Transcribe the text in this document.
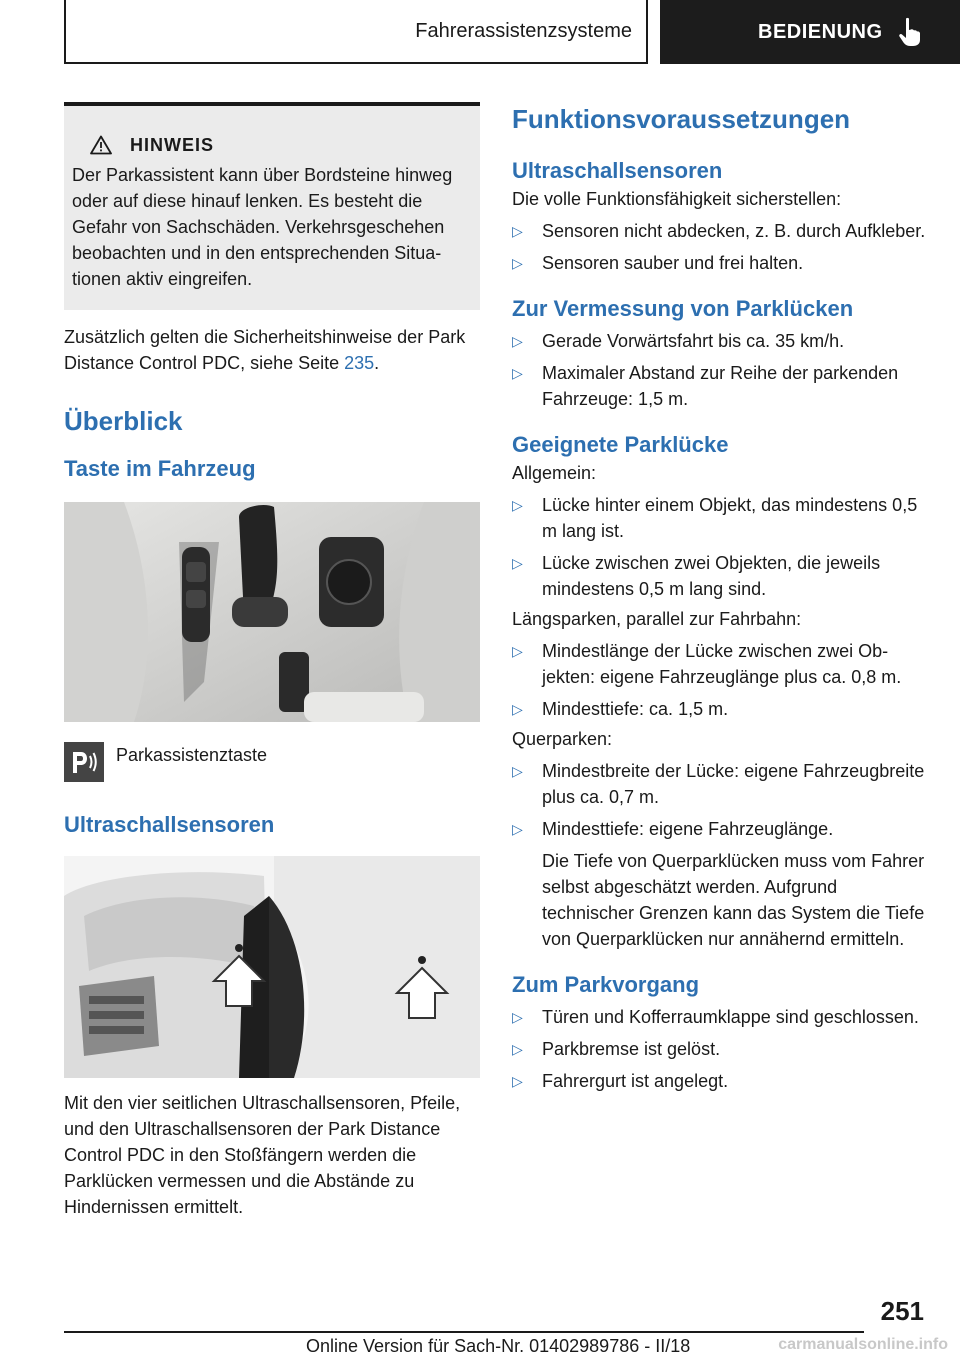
Fahrerassistenzsysteme	BEDIENUNG
HINWEIS

Der Parkassistent kann über Bordsteine hinweg oder auf diese hinauf lenken. Es besteht die Gefahr von Sachschäden. Verkehrsgeschehen beobachten und in den entsprechenden Situationen aktiv eingreifen.

Zusätzlich gelten die Sicherheitshinweise der Park Distance Control PDC, siehe Seite 235.

Überblick
Taste im Fahrzeug
Parkassistenztaste
Ultraschallsensoren

Mit den vier seitlichen Ultraschallsensoren, Pfeile, und den Ultraschallsensoren der Park Distance Control PDC in den Stoßfängern werden die Parklücken vermessen und die Abstände zu Hindernissen ermittelt.

Funktionsvoraussetzungen
Ultraschallsensoren

Die volle Funktionsfähigkeit sicherstellen:

▷ Sensoren nicht abdecken, z. B. durch Aufkleber.
▷ Sensoren sauber und frei halten.
Zur Vermessung von Parklücken
▷ Gerade Vorwärtsfahrt bis ca. 35 km/h.
▷ Maximaler Abstand zur Reihe der parkenden Fahrzeuge: 1,5 m.
Geeignete Parklücke

Allgemein:

▷ Lücke hinter einem Objekt, das mindestens 0,5 m lang ist.
▷ Lücke zwischen zwei Objekten, die jeweils mindestens 0,5 m lang sind.

Längsparken, parallel zur Fahrbahn:

▷ Mindestlänge der Lücke zwischen zwei Objekten: eigene Fahrzeuglänge plus ca. 0,8 m.
▷ Mindesttiefe: ca. 1,5 m.

Querparken:

▷ Mindestbreite der Lücke: eigene Fahrzeugbreite plus ca. 0,7 m.
▷ Mindesttiefe: eigene Fahrzeuglänge.

Die Tiefe von Querparklücken muss vom Fahrer selbst abgeschätzt werden. Aufgrund technischer Grenzen kann das System die Tiefe von Querparklücken nur annähernd ermitteln.

Zum Parkvorgang
▷ Türen und Kofferraumklappe sind geschlossen.
▷ Parkbremse ist gelöst.
▷ Fahrergurt ist angelegt.
251
Online Version für Sach-Nr. 01402989786 - II/18	carmanualsonline.info
